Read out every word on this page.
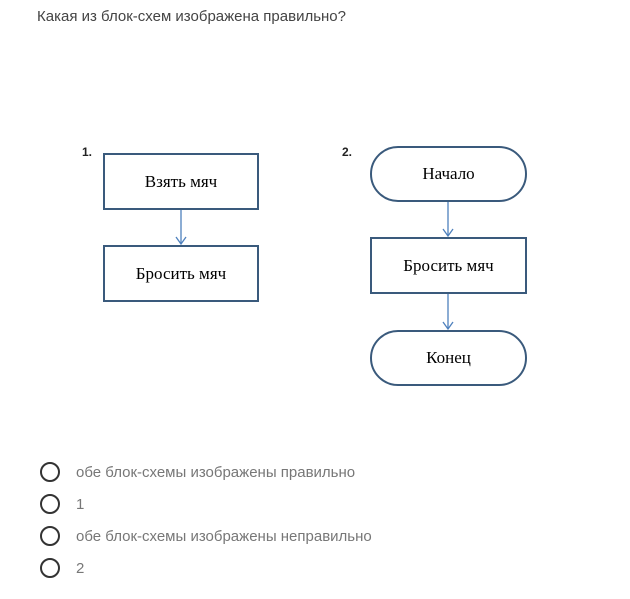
Какая из блок-схем изображена правильно?
1.
Взять мяч
Бросить мяч
2.
Начало
Бросить мяч
Конец
обе блок-схемы изображены правильно
1
обе блок-схемы изображены неправильно
2
